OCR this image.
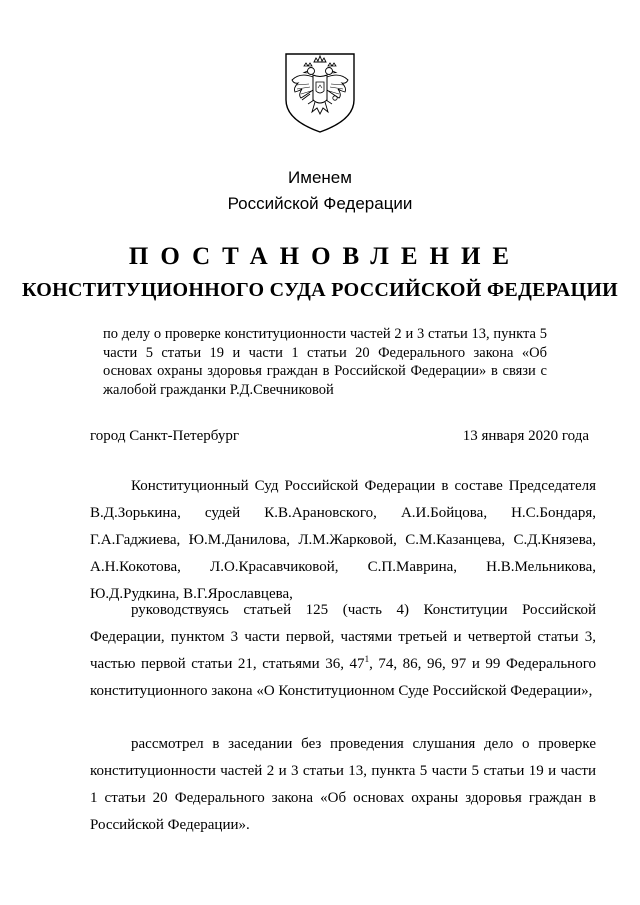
Именем
Российской Федерации
ПОСТАНОВЛЕНИЕ
КОНСТИТУЦИОННОГО СУДА РОССИЙСКОЙ ФЕДЕРАЦИИ
по делу о проверке конституционности частей 2 и 3 статьи 13, пункта 5 части 5 статьи 19 и части 1 статьи 20 Федерального закона «Об основах охраны здоровья граждан в Российской Федерации» в связи с жалобой гражданки Р.Д.Свечниковой
город Санкт-Петербург	13 января 2020 года
Конституционный Суд Российской Федерации в составе Председателя В.Д.Зорькина, судей К.В.Арановского, А.И.Бойцова, Н.С.Бондаря, Г.А.Гаджиева, Ю.М.Данилова, Л.М.Жарковой, С.М.Казанцева, С.Д.Князева, А.Н.Кокотова, Л.О.Красавчиковой, С.П.Маврина, Н.В.Мельникова, Ю.Д.Рудкина, В.Г.Ярославцева,
руководствуясь статьей 125 (часть 4) Конституции Российской Федерации, пунктом 3 части первой, частями третьей и четвертой статьи 3, частью первой статьи 21, статьями 36, $47^1$, 74, 86, 96, 97 и 99 Федерального конституционного закона «О Конституционном Суде Российской Федерации»,
рассмотрел в заседании без проведения слушания дело о проверке конституционности частей 2 и 3 статьи 13, пункта 5 части 5 статьи 19 и части 1 статьи 20 Федерального закона «Об основах охраны здоровья граждан в Российской Федерации».
